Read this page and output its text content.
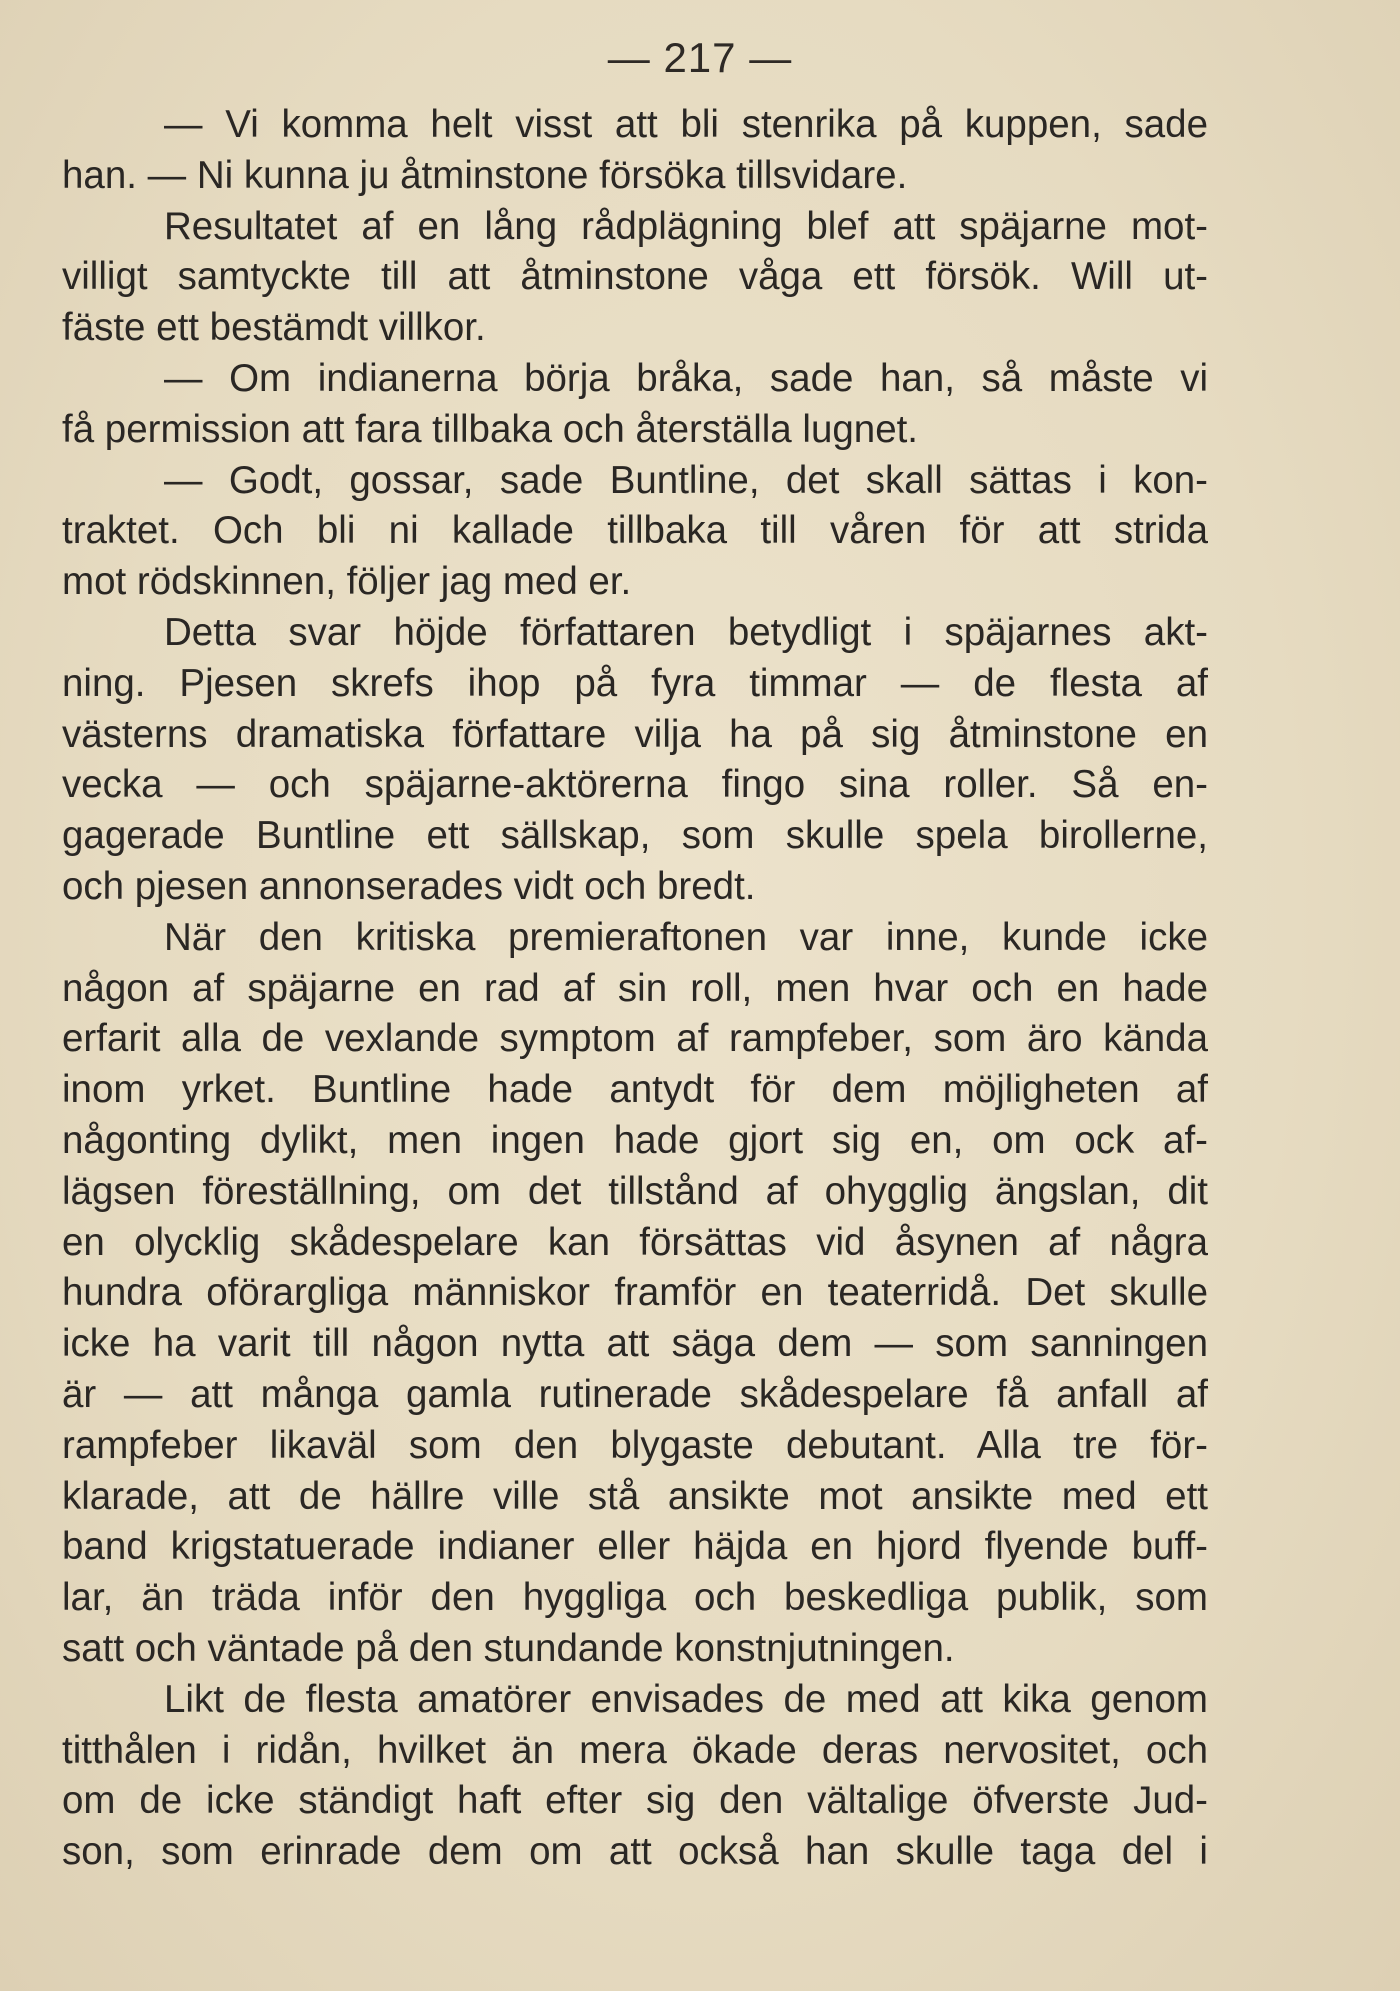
— 217 —
— Vi komma helt visst att bli stenrika på kuppen, sade
han. — Ni kunna ju åtminstone försöka tillsvidare.
Resultatet af en lång rådplägning blef att späjarne mot-
villigt samtyckte till att åtminstone våga ett försök. Will ut-
fäste ett bestämdt villkor.
— Om indianerna börja bråka, sade han, så måste vi
få permission att fara tillbaka och återställa lugnet.
— Godt, gossar, sade Buntline, det skall sättas i kon-
traktet. Och bli ni kallade tillbaka till våren för att strida
mot rödskinnen, följer jag med er.
Detta svar höjde författaren betydligt i späjarnes akt-
ning. Pjesen skrefs ihop på fyra timmar — de flesta af
västerns dramatiska författare vilja ha på sig åtminstone en
vecka — och späjarne-aktörerna fingo sina roller. Så en-
gagerade Buntline ett sällskap, som skulle spela birollerne,
och pjesen annonserades vidt och bredt.
När den kritiska premieraftonen var inne, kunde icke
någon af späjarne en rad af sin roll, men hvar och en hade
erfarit alla de vexlande symptom af rampfeber, som äro kända
inom yrket. Buntline hade antydt för dem möjligheten af
någonting dylikt, men ingen hade gjort sig en, om ock af-
lägsen föreställning, om det tillstånd af ohygglig ängslan, dit
en olycklig skådespelare kan försättas vid åsynen af några
hundra oförargliga människor framför en teaterridå. Det skulle
icke ha varit till någon nytta att säga dem — som sanningen
är — att många gamla rutinerade skådespelare få anfall af
rampfeber likaväl som den blygaste debutant. Alla tre för-
klarade, att de hällre ville stå ansikte mot ansikte med ett
band krigstatuerade indianer eller häjda en hjord flyende buff-
lar, än träda inför den hyggliga och beskedliga publik, som
satt och väntade på den stundande konstnjutningen.
Likt de flesta amatörer envisades de med att kika genom
titthålen i ridån, hvilket än mera ökade deras nervositet, och
om de icke ständigt haft efter sig den vältalige öfverste Jud-
son, som erinrade dem om att också han skulle taga del i
